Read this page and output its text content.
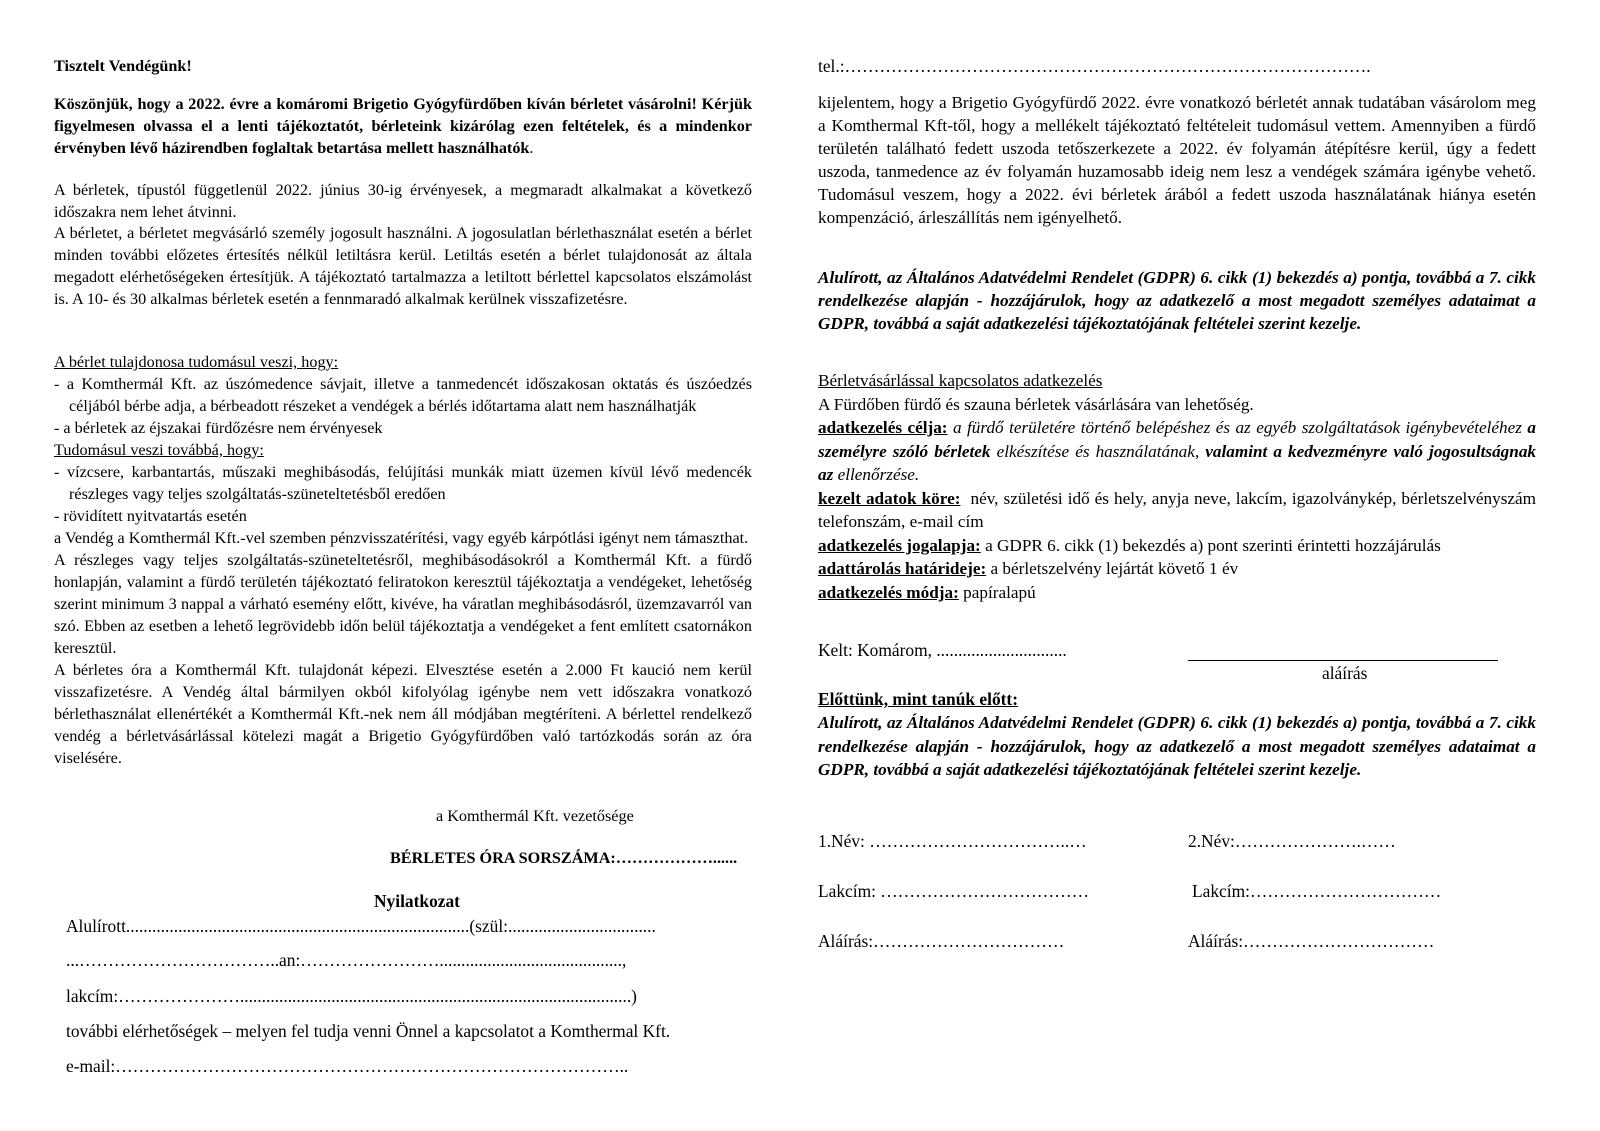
Tisztelt Vendégünk!
Köszönjük, hogy a 2022. évre a komáromi Brigetio Gyógyfürdőben kíván bérletet vásárolni! Kérjük figyelmesen olvassa el a lenti tájékoztatót, bérleteink kizárólag ezen feltételek, és a mindenkor érvényben lévő házirendben foglaltak betartása mellett használhatók.
A bérletek, típustól függetlenül 2022. június 30-ig érvényesek, a megmaradt alkalmakat a következő időszakra nem lehet átvinni.
A bérletet, a bérletet megvásárló személy jogosult használni. A jogosulatlan bérlethasználat esetén a bérlet minden további előzetes értesítés nélkül letiltásra kerül. Letiltás esetén a bérlet tulajdonosát az általa megadott elérhetőségeken értesítjük. A tájékoztató tartalmazza a letiltott bérlettel kapcsolatos elszámolást is. A 10- és 30 alkalmas bérletek esetén a fennmaradó alkalmak kerülnek visszafizetésre.
A bérlet tulajdonosa tudomásul veszi, hogy:
- a Komthermál Kft. az úszómedence sávjait, illetve a tanmedencét időszakosan oktatás és úszóedzés céljából bérbe adja, a bérbeadott részeket a vendégek a bérlés időtartama alatt nem használhatják
- a bérletek az éjszakai fürdőzésre nem érvényesek
Tudomásul veszi továbbá, hogy:
- vízcsere, karbantartás, műszaki meghibásodás, felújítási munkák miatt üzemen kívül lévő medencék részleges vagy teljes szolgáltatás-szüneteltetésből eredően
- rövidített nyitvatartás esetén
a Vendég a Komthermál Kft.-vel szemben pénzvisszatérítési, vagy egyéb kárpótlási igényt nem támaszthat.
A részleges vagy teljes szolgáltatás-szüneteltetésről, meghibásodásokról a Komthermál Kft. a fürdő honlapján, valamint a fürdő területén tájékoztató feliratokon keresztül tájékoztatja a vendégeket, lehetőség szerint minimum 3 nappal a várható esemény előtt, kivéve, ha váratlan meghibásodásról, üzemzavarról van szó. Ebben az esetben a lehető legrövidebb időn belül tájékoztatja a vendégeket a fent említett csatornákon keresztül.
A bérletes óra a Komthermál Kft. tulajdonát képezi. Elvesztése esetén a 2.000 Ft kaució nem kerül visszafizetésre. A Vendég által bármilyen okból kifolyólag igénybe nem vett időszakra vonatkozó bérlethasználat ellenértékét a Komthermál Kft.-nek nem áll módjában megtéríteni. A bérlettel rendelkező vendég a bérletvásárlással kötelezi magát a Brigetio Gyógyfürdőben való tartózkodás során az óra viselésére.
a Komthermál Kft. vezetősége
BÉRLETES ÓRA SORSZÁMA:………………......
Nyilatkozat
Alulírott...............................................................................(szül:..................................
...……………………………..an:……………………..........................................,
lakcím:…………………..........................................................................................)
további elérhetőségek – melyen fel tudja venni Önnel a kapcsolatot a Komthermal Kft.
e-mail:……………………………………………………………………………..
tel.:……………………………………………………………………………….
kijelentem, hogy a Brigetio Gyógyfürdő 2022. évre vonatkozó bérletét annak tudatában vásárolom meg a Komthermal Kft-től, hogy a mellékelt tájékoztató feltételeit tudomásul vettem. Amennyiben a fürdő területén található fedett uszoda tetőszerkezete a 2022. év folyamán átépítésre kerül, úgy a fedett uszoda, tanmedence az év folyamán huzamosabb ideig nem lesz a vendégek számára igénybe vehető. Tudomásul veszem, hogy a 2022. évi bérletek árából a fedett uszoda használatának hiánya esetén kompenzáció, árleszállítás nem igényelhető.
Alulírott, az Általános Adatvédelmi Rendelet (GDPR) 6. cikk (1) bekezdés a) pontja, továbbá a 7. cikk rendelkezése alapján - hozzájárulok, hogy az adatkezelő a most megadott személyes adataimat a GDPR, továbbá a saját adatkezelési tájékoztatójának feltételei szerint kezelje.
Bérletvásárlással kapcsolatos adatkezelés
A Fürdőben fürdő és szauna bérletek vásárlására van lehetőség.
adatkezelés célja: a fürdő területére történő belépéshez és az egyéb szolgáltatások igénybevételéhez a személyre szóló bérletek elkészítése és használatának, valamint a kedvezményre való jogosultságnak az ellenőrzése.
kezelt adatok köre: név, születési idő és hely, anyja neve, lakcím, igazolványkép, bérletszelvényszám telefonszám, e-mail cím
adatkezelés jogalapja: a GDPR 6. cikk (1) bekezdés a) pont szerinti érintetti hozzájárulás
adattárolás határideje: a bérletszelvény lejártát követő 1 év
adatkezelés módja: papíralapú
Kelt: Komárom, ..............................
aláírás
Előttünk, mint tanúk előtt:
Alulírott, az Általános Adatvédelmi Rendelet (GDPR) 6. cikk (1) bekezdés a) pontja, továbbá a 7. cikk rendelkezése alapján - hozzájárulok, hogy az adatkezelő a most megadott személyes adataimat a GDPR, továbbá a saját adatkezelési tájékoztatójának feltételei szerint kezelje.
1.Név: ……………………………..…	2.Név:………………….……
Lakcím: ………………………………	Lakcím:……………………………
Aláírás:……………………………	Aláírás:……………………………
